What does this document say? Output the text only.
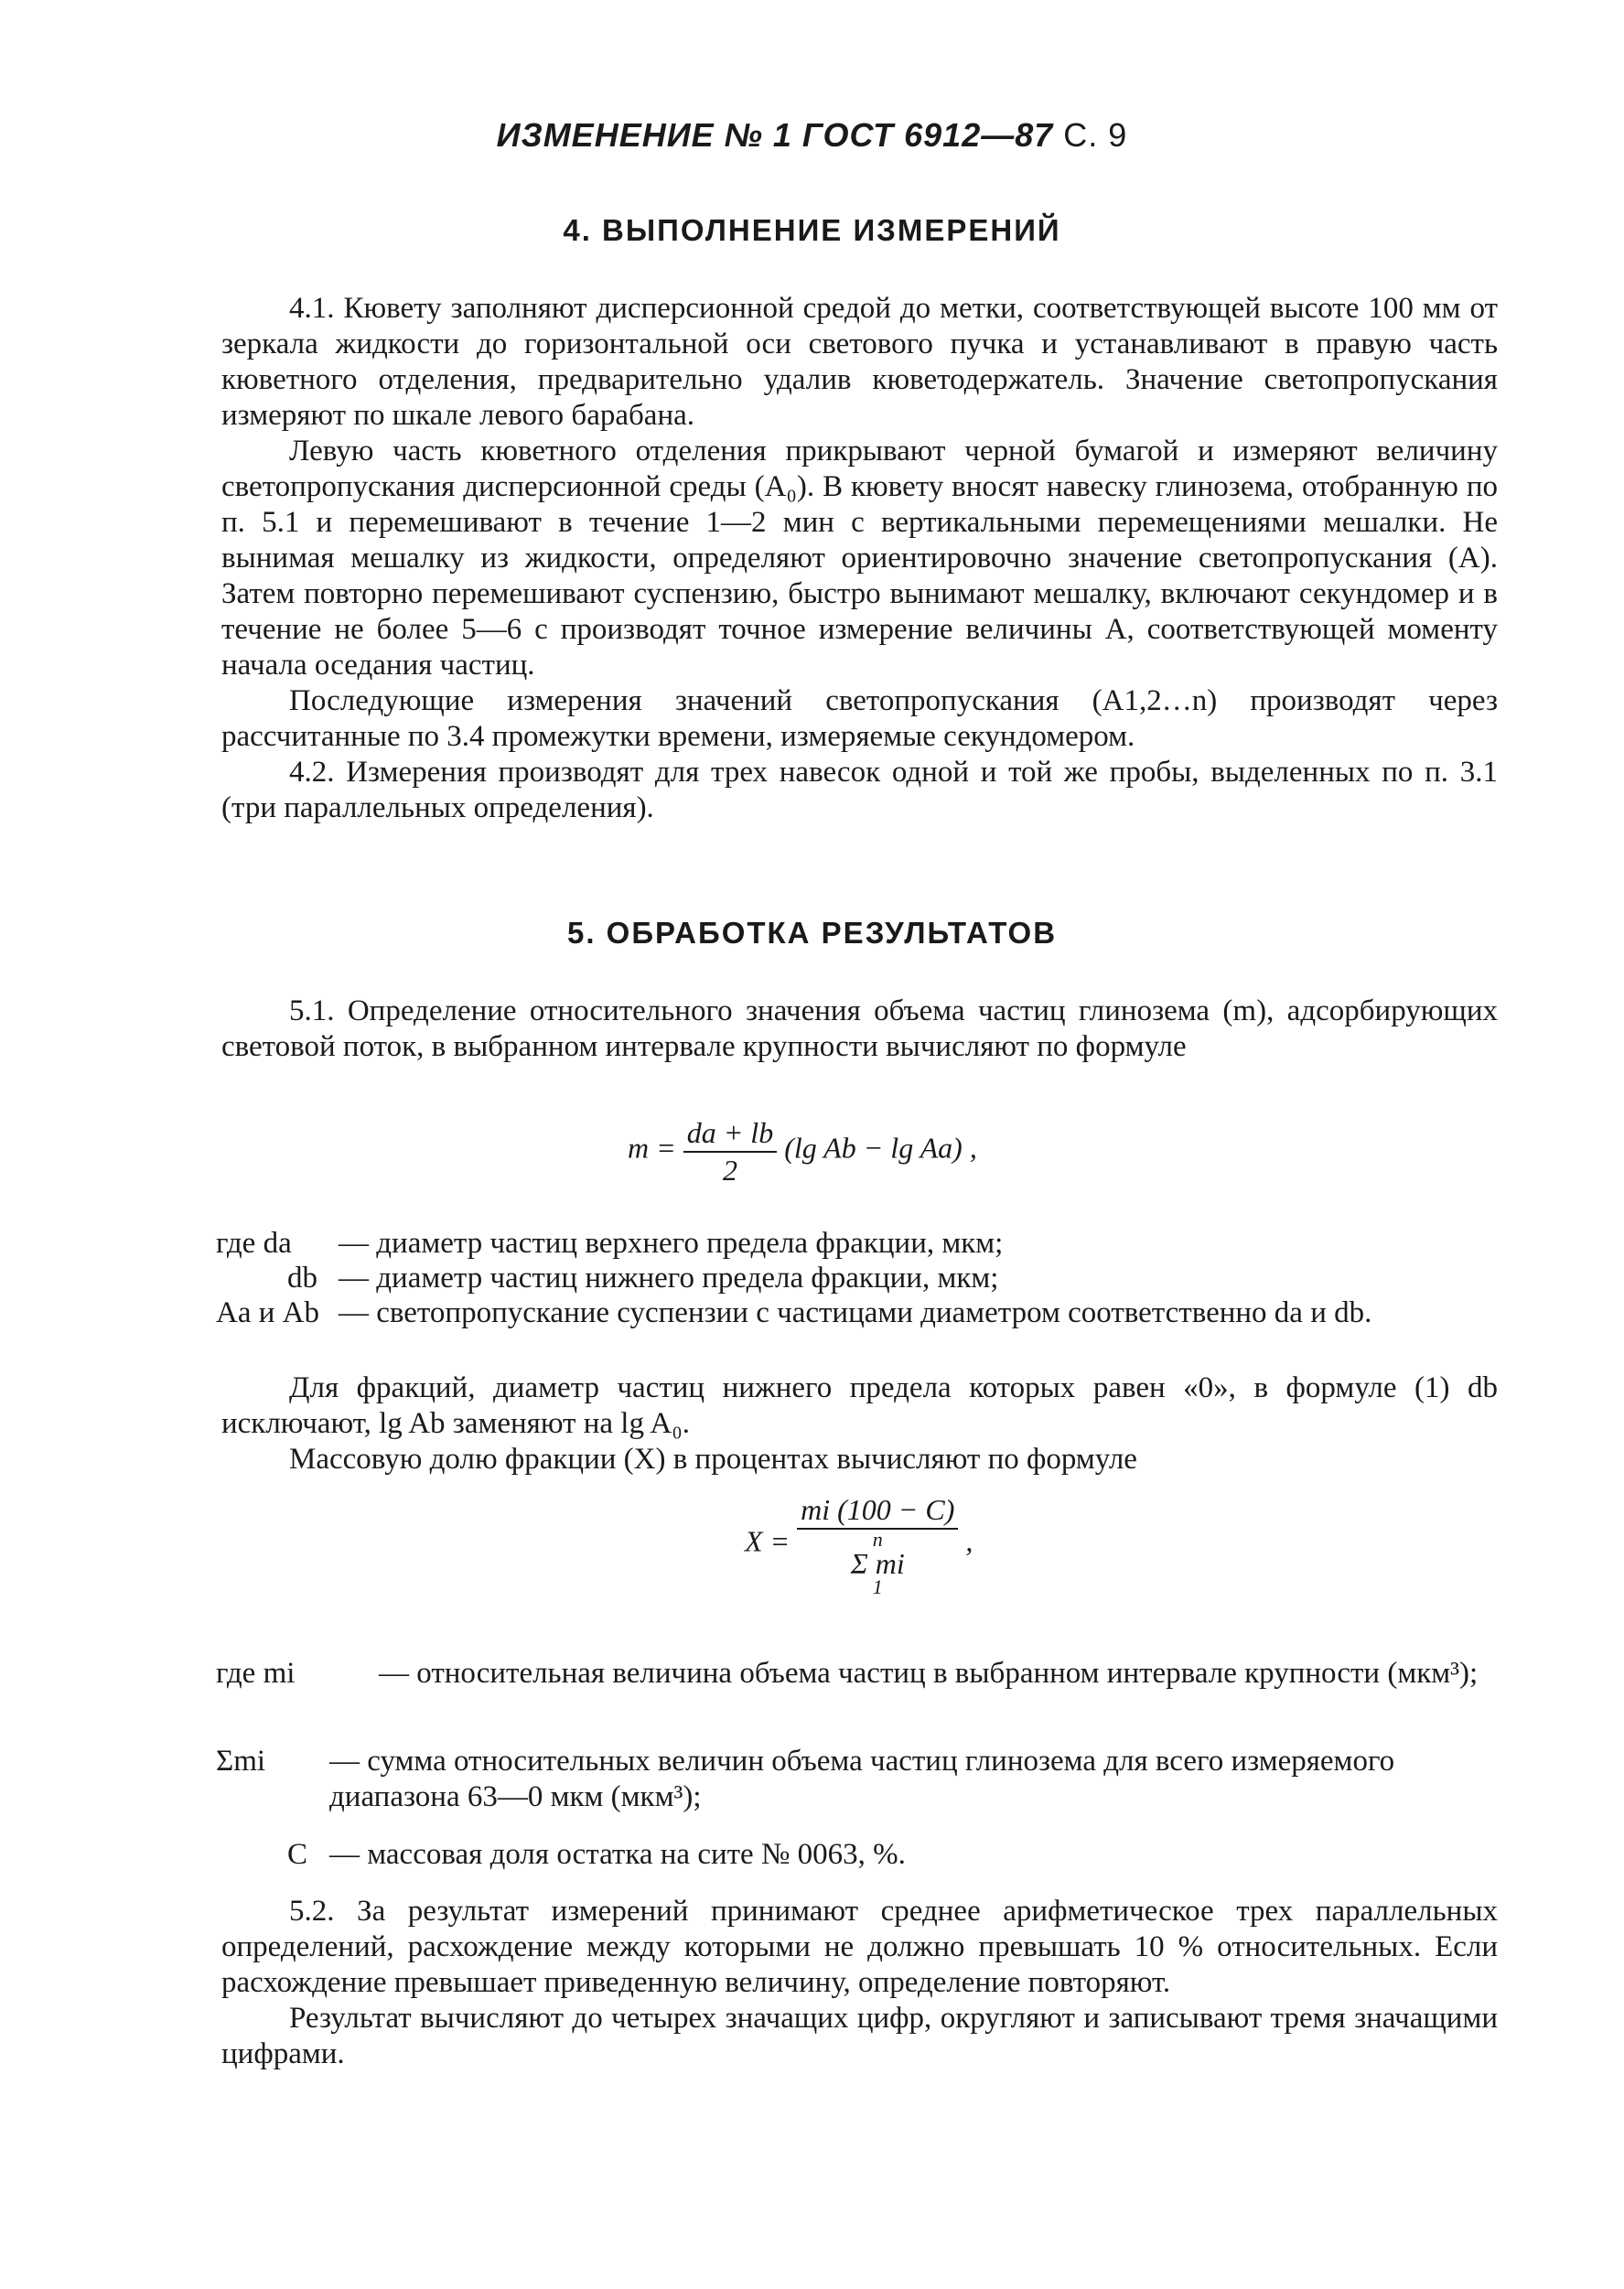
ИЗМЕНЕНИЕ № 1 ГОСТ 6912—87 С. 9
4. ВЫПОЛНЕНИЕ ИЗМЕРЕНИЙ

4.1. Кювету заполняют дисперсионной средой до метки, соответствующей высоте 100 мм от зеркала жидкости до горизонтальной оси светового пучка и устанавливают в правую часть кюветного отделения, предварительно удалив кюветодержатель. Значение светопропускания измеряют по шкале левого барабана.

Левую часть кюветного отделения прикрывают черной бумагой и измеряют величину светопропускания дисперсионной среды (A₀). В кювету вносят навеску глинозема, отобранную по п. 5.1 и перемешивают в течение 1—2 мин с вертикальными перемещениями мешалки. Не вынимая мешалку из жидкости, определяют ориентировочно значение светопропускания (A). Затем повторно перемешивают суспензию, быстро вынимают мешалку, включают секундомер и в течение не более 5—6 с производят точное измерение величины A, соответствующей моменту начала оседания частиц.

Последующие измерения значений светопропускания (A1,2…n) производят через рассчитанные по 3.4 промежутки времени, измеряемые секундомером.

4.2. Измерения производят для трех навесок одной и той же пробы, выделенных по п. 3.1 (три параллельных определения).

5. ОБРАБОТКА РЕЗУЛЬТАТОВ

5.1. Определение относительного значения объема частиц глинозема (m), адсорбирующих световой поток, в выбранном интервале крупности вычисляют по формуле

$m = \frac{da + lb}{2} (\lg$ Ab − lg Aa) ,
где da — диаметр частиц верхнего предела фракции, мкм;
db — диаметр частиц нижнего предела фракции, мкм;
Aa и Ab — светопропускание суспензии с частицами диаметром соответственно da и db.

Для фракций, диаметр частиц нижнего предела которых равен «0», в формуле (1) db исключают, lg Ab заменяют на lg A₀.

Массовую долю фракции (X) в процентах вычисляют по формуле

X = mi (100 − C)
n
Σ mi
1 ,
где mi	— относительная величина объема частиц в выбранном интервале крупности (мкм³);
Σmi — сумма относительных величин объема частиц глинозема для всего измеряемого диапазона 63—0 мкм (мкм³);
C — массовая доля остатка на сите № 0063, %.

5.2. За результат измерений принимают среднее арифметическое трех параллельных определений, расхождение между которыми не должно превышать 10 % относительных. Если расхождение превышает приведенную величину, определение повторяют.

Результат вычисляют до четырех значащих цифр, округляют и записывают тремя значащими цифрами.
